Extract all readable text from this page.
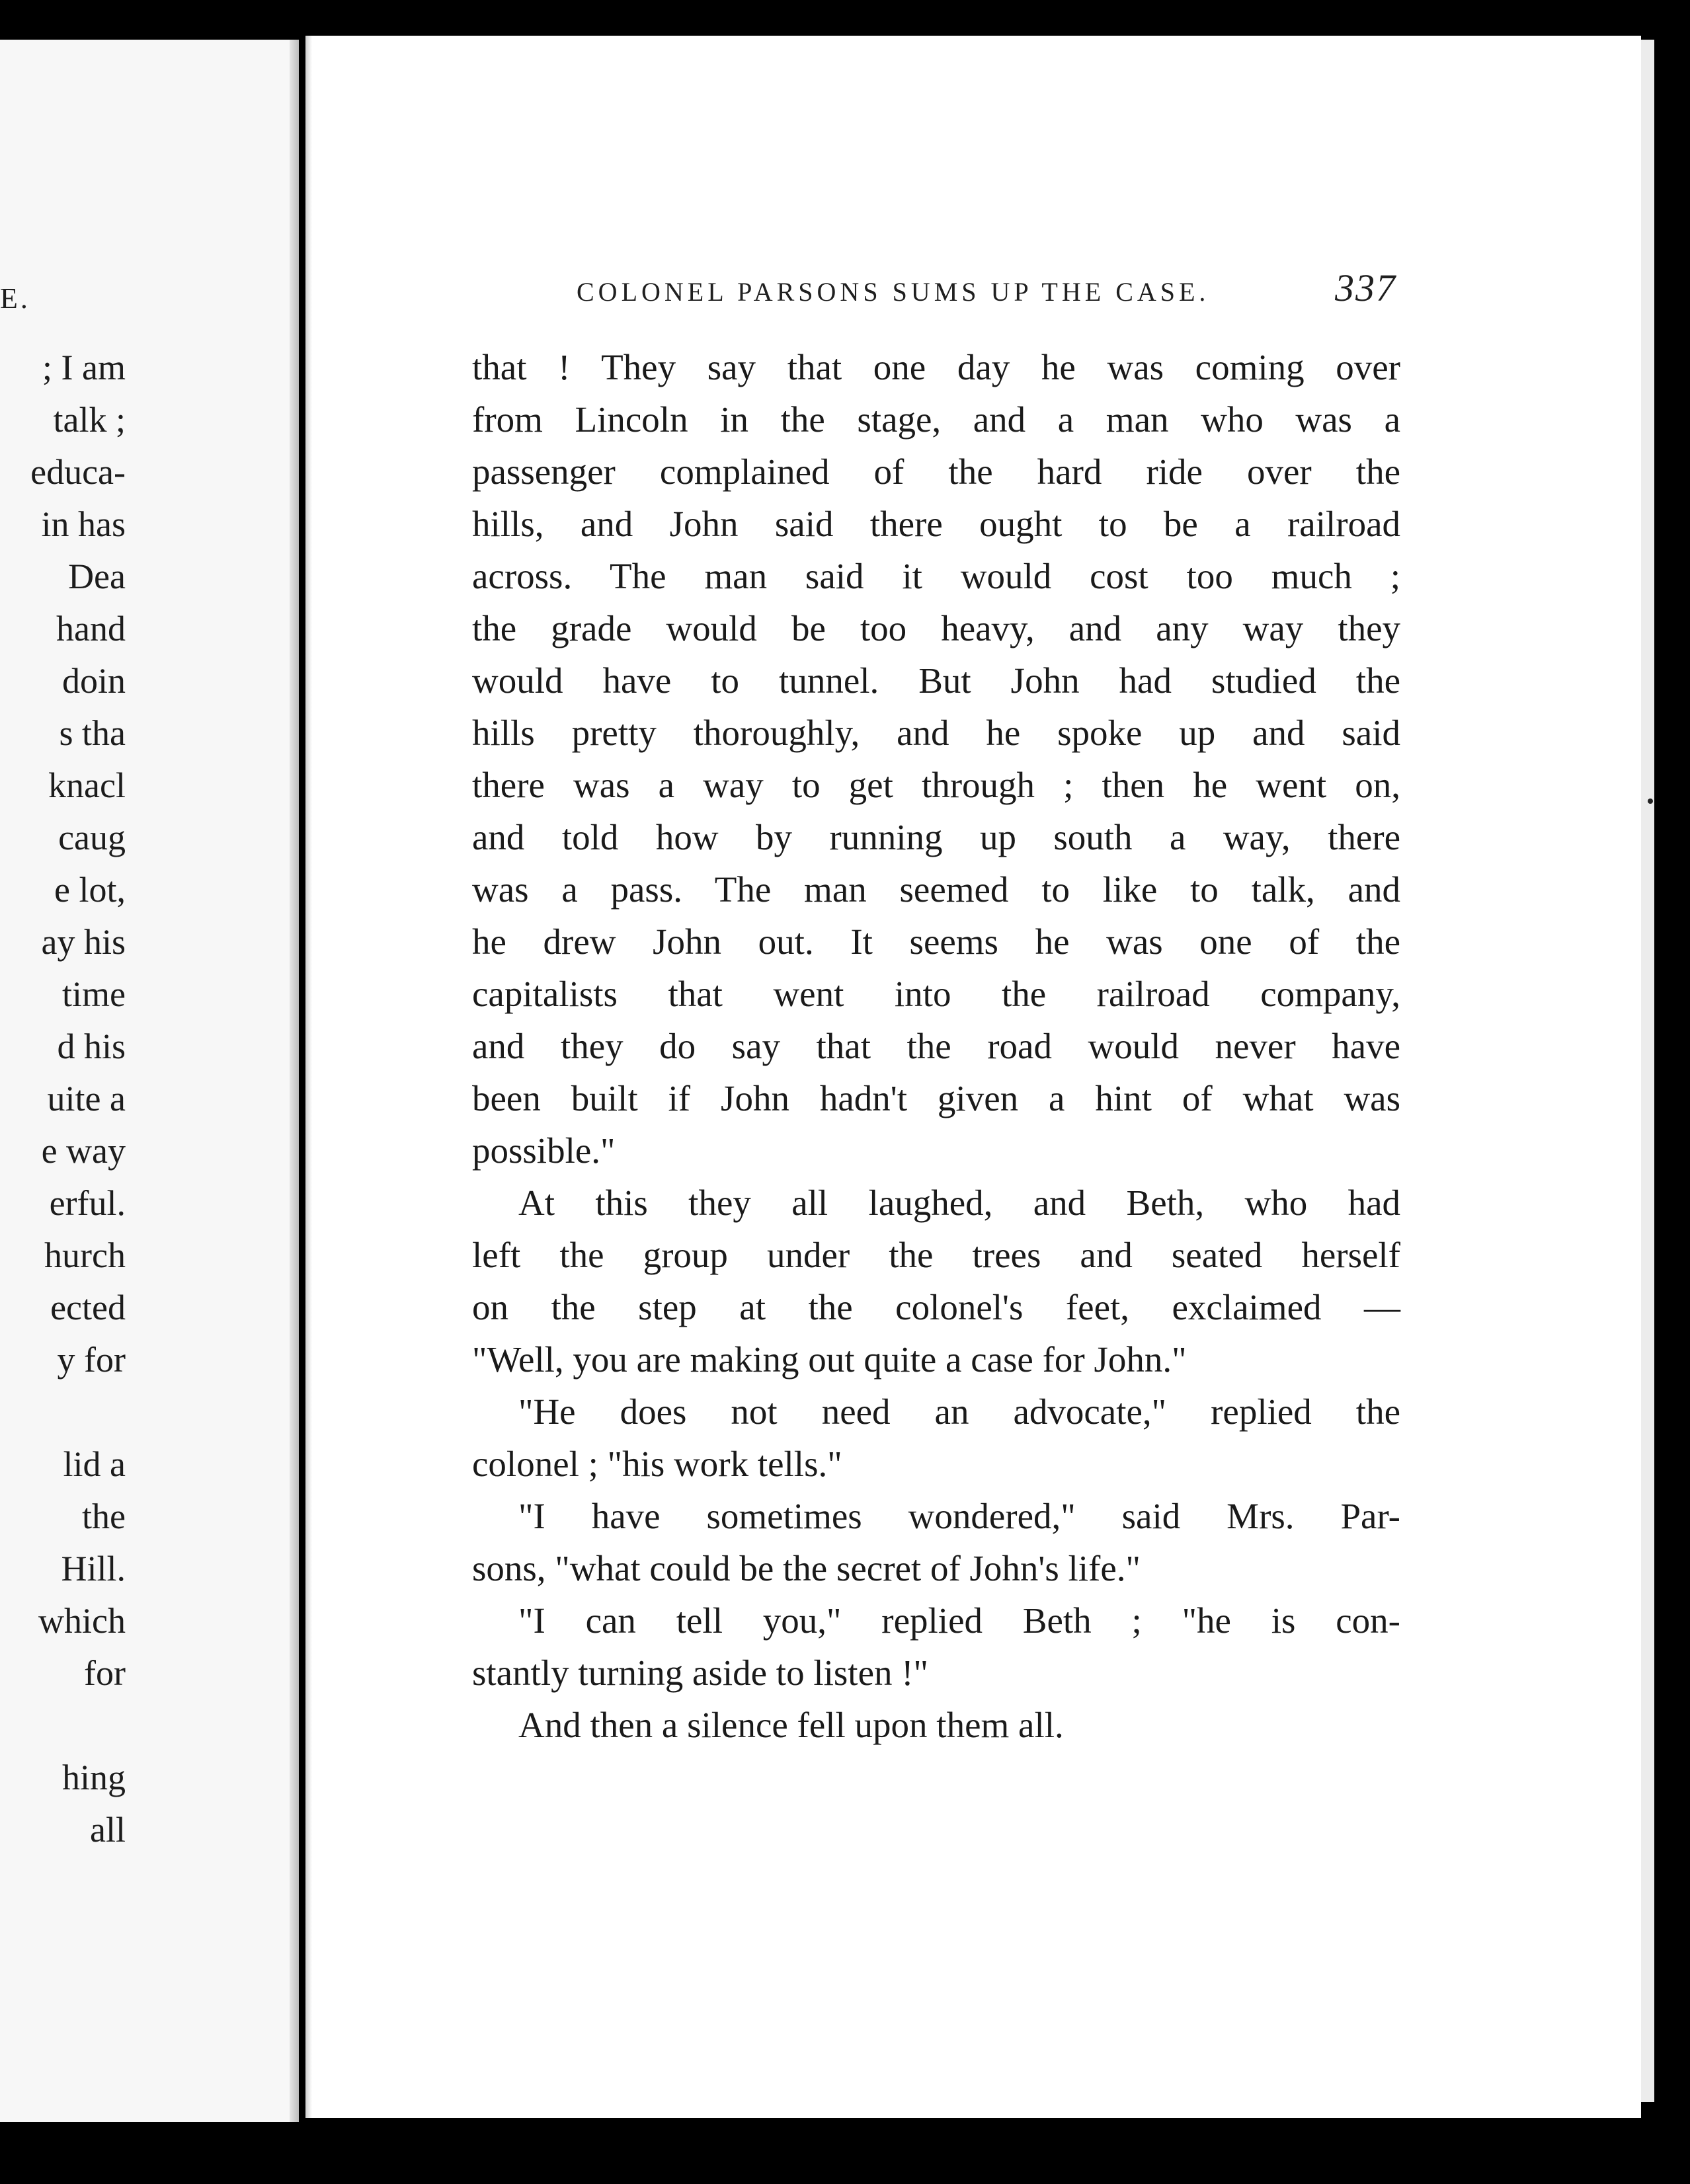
E.
; I am
talk ;
educa-
in has
Dea
hand
doin
s tha
knacl
caug
e lot,
ay his
time
d his
uite a
e way
erful.
hurch
ected
y for
lid a
the
Hill.
which
for
hing
all
COLONEL PARSONS SUMS UP THE CASE.	337
that ! They say that one day he was coming over
from Lincoln in the stage, and a man who was a
passenger complained of the hard ride over the
hills, and John said there ought to be a railroad
across. The man said it would cost too much ;
the grade would be too heavy, and any way they
would have to tunnel. But John had studied the
hills pretty thoroughly, and he spoke up and said
there was a way to get through ; then he went on,
and told how by running up south a way, there
was a pass. The man seemed to like to talk, and
he drew John out. It seems he was one of the
capitalists that went into the railroad company,
and they do say that the road would never have
been built if John hadn't given a hint of what was
possible."
At this they all laughed, and Beth, who had
left the group under the trees and seated herself
on the step at the colonel's feet, exclaimed —
"Well, you are making out quite a case for John."
"He does not need an advocate," replied the
colonel ; "his work tells."
"I have sometimes wondered," said Mrs. Par-
sons, "what could be the secret of John's life."
"I can tell you," replied Beth ; "he is con-
stantly turning aside to listen !"
And then a silence fell upon them all.
